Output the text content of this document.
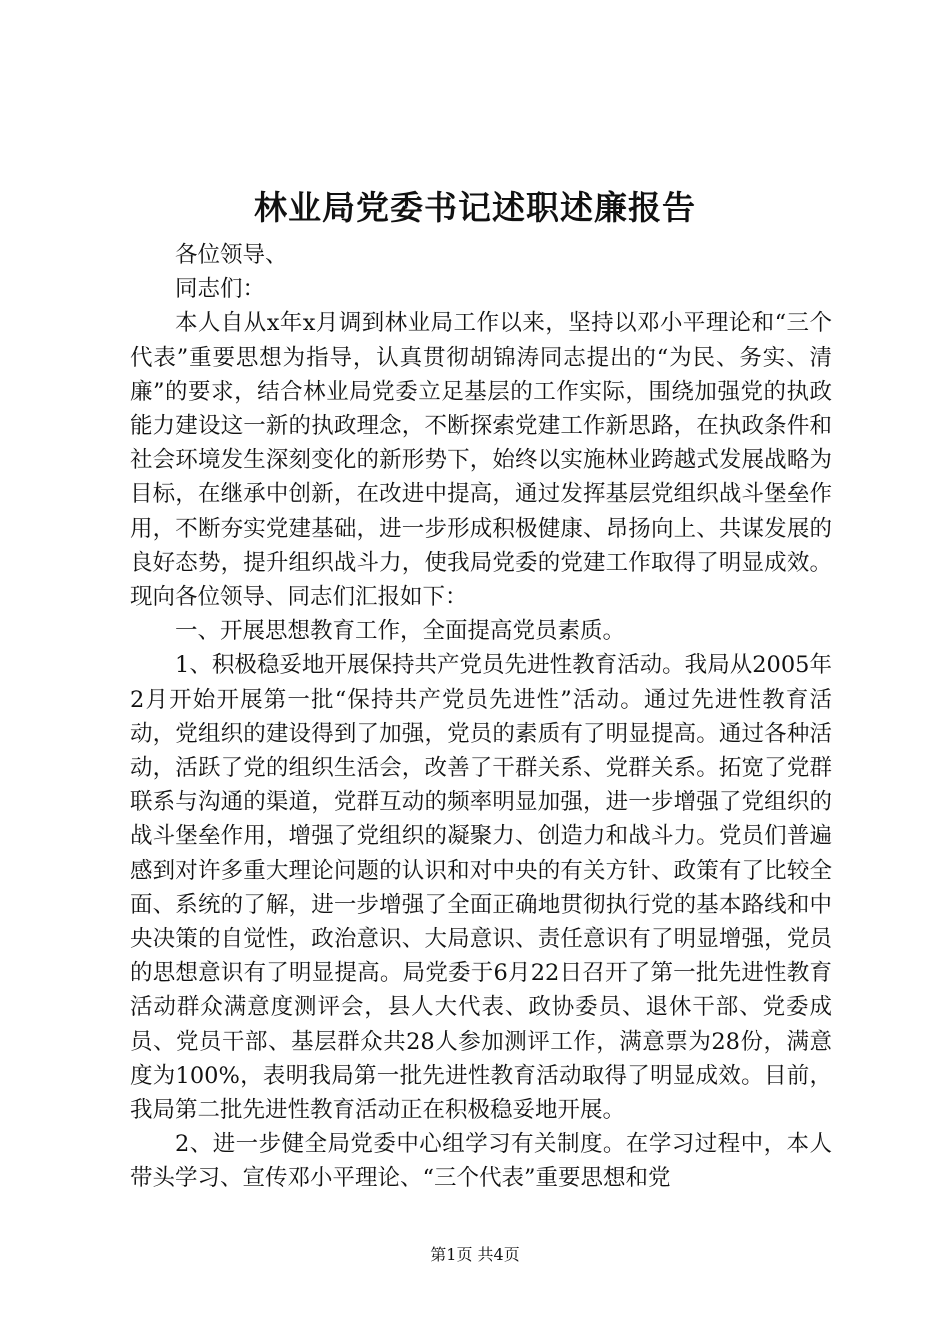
林业局党委书记述职述廉报告

各位领导、

同志们：

本人自从x年x月调到林业局工作以来，坚持以邓小平理论和“三个代表”重要思想为指导，认真贯彻胡锦涛同志提出的“为民、务实、清廉”的要求，结合林业局党委立足基层的工作实际，围绕加强党的执政能力建设这一新的执政理念，不断探索党建工作新思路，在执政条件和社会环境发生深刻变化的新形势下，始终以实施林业跨越式发展战略为目标，在继承中创新，在改进中提高，通过发挥基层党组织战斗堡垒作用，不断夯实党建基础，进一步形成积极健康、昂扬向上、共谋发展的良好态势，提升组织战斗力，使我局党委的党建工作取得了明显成效。现向各位领导、同志们汇报如下：

一、开展思想教育工作，全面提高党员素质。

1、积极稳妥地开展保持共产党员先进性教育活动。我局从2005年2月开始开展第一批“保持共产党员先进性”活动。通过先进性教育活动，党组织的建设得到了加强，党员的素质有了明显提高。通过各种活动，活跃了党的组织生活会，改善了干群关系、党群关系。拓宽了党群联系与沟通的渠道，党群互动的频率明显加强，进一步增强了党组织的战斗堡垒作用，增强了党组织的凝聚力、创造力和战斗力。党员们普遍感到对许多重大理论问题的认识和对中央的有关方针、政策有了比较全面、系统的了解，进一步增强了全面正确地贯彻执行党的基本路线和中央决策的自觉性，政治意识、大局意识、责任意识有了明显增强，党员的思想意识有了明显提高。局党委于6月22日召开了第一批先进性教育活动群众满意度测评会，县人大代表、政协委员、退休干部、党委成员、党员干部、基层群众共28人参加测评工作，满意票为28份，满意度为100%，表明我局第一批先进性教育活动取得了明显成效。目前，我局第二批先进性教育活动正在积极稳妥地开展。

2、进一步健全局党委中心组学习有关制度。在学习过程中，本人带头学习、宣传邓小平理论、“三个代表”重要思想和党

第1页 共4页
